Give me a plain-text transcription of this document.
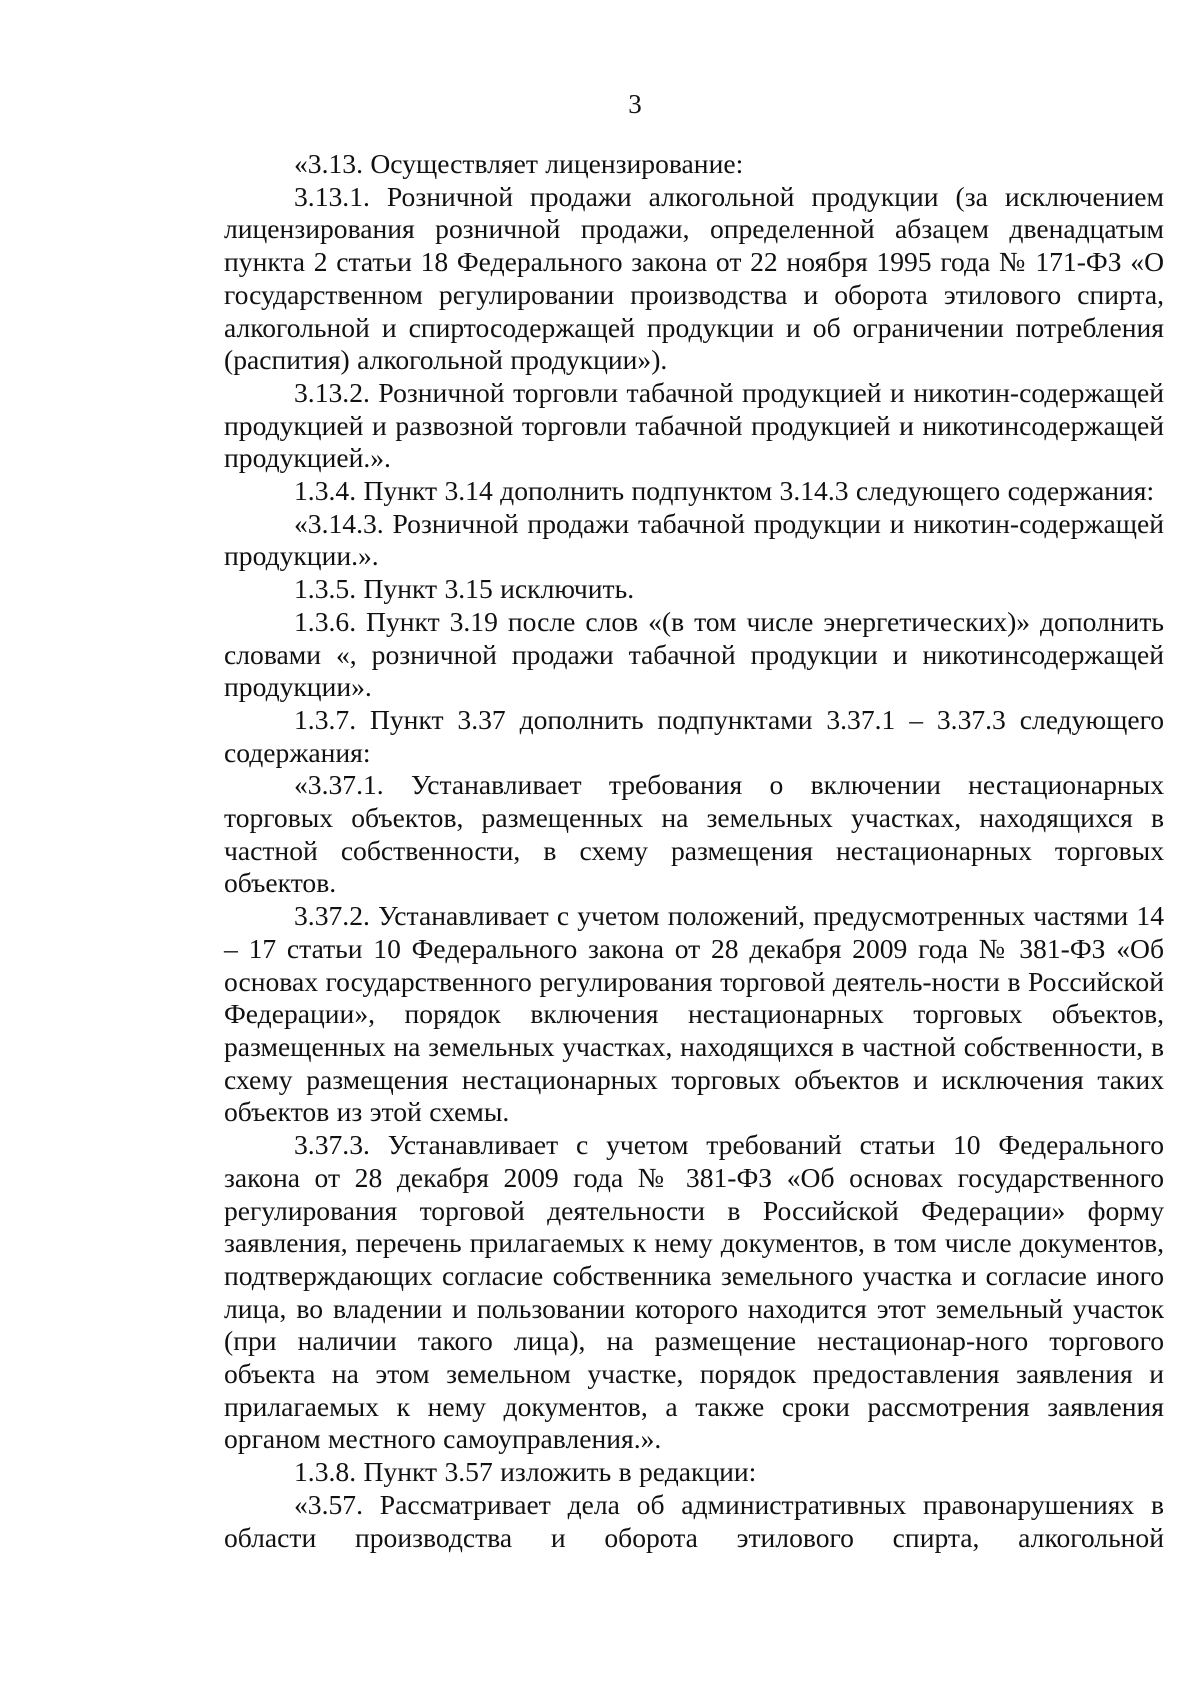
3

«3.13. Осуществляет лицензирование:

3.13.1. Розничной продажи алкогольной продукции (за исключением лицензирования розничной продажи, определенной абзацем двенадцатым пункта 2 статьи 18 Федерального закона от 22 ноября 1995 года № 171-ФЗ «О государственном регулировании производства и оборота этилового спирта, алкогольной и спиртосодержащей продукции и об ограничении потребления (распития) алкогольной продукции»).

3.13.2. Розничной торговли табачной продукцией и никотин-содержащей продукцией и развозной торговли табачной продукцией и никотинсодержащей продукцией.».

1.3.4. Пункт 3.14 дополнить подпунктом 3.14.3 следующего содержания:

«3.14.3. Розничной продажи табачной продукции и никотин-содержащей продукции.».

1.3.5. Пункт 3.15 исключить.

1.3.6. Пункт 3.19 после слов «(в том числе энергетических)» дополнить словами «, розничной продажи табачной продукции и никотинсодержащей продукции».

1.3.7. Пункт 3.37 дополнить подпунктами 3.37.1 – 3.37.3 следующего содержания:

«3.37.1. Устанавливает требования о включении нестационарных торговых объектов, размещенных на земельных участках, находящихся в частной собственности, в схему размещения нестационарных торговых объектов.

3.37.2. Устанавливает с учетом положений, предусмотренных частями 14 – 17 статьи 10 Федерального закона от 28 декабря 2009 года № 381-ФЗ «Об основах государственного регулирования торговой деятель-ности в Российской Федерации», порядок включения нестационарных торговых объектов, размещенных на земельных участках, находящихся в частной собственности, в схему размещения нестационарных торговых объектов и исключения таких объектов из этой схемы.

3.37.3. Устанавливает с учетом требований статьи 10 Федерального закона от 28 декабря 2009 года № 381-ФЗ «Об основах государственного регулирования торговой деятельности в Российской Федерации» форму заявления, перечень прилагаемых к нему документов, в том числе документов, подтверждающих согласие собственника земельного участка и согласие иного лица, во владении и пользовании которого находится этот земельный участок (при наличии такого лица), на размещение нестационар-ного торгового объекта на этом земельном участке, порядок предоставления заявления и прилагаемых к нему документов, а также сроки рассмотрения заявления органом местного самоуправления.».

1.3.8. Пункт 3.57 изложить в редакции:

«3.57. Рассматривает дела об административных правонарушениях в области производства и оборота этилового спирта, алкогольной
